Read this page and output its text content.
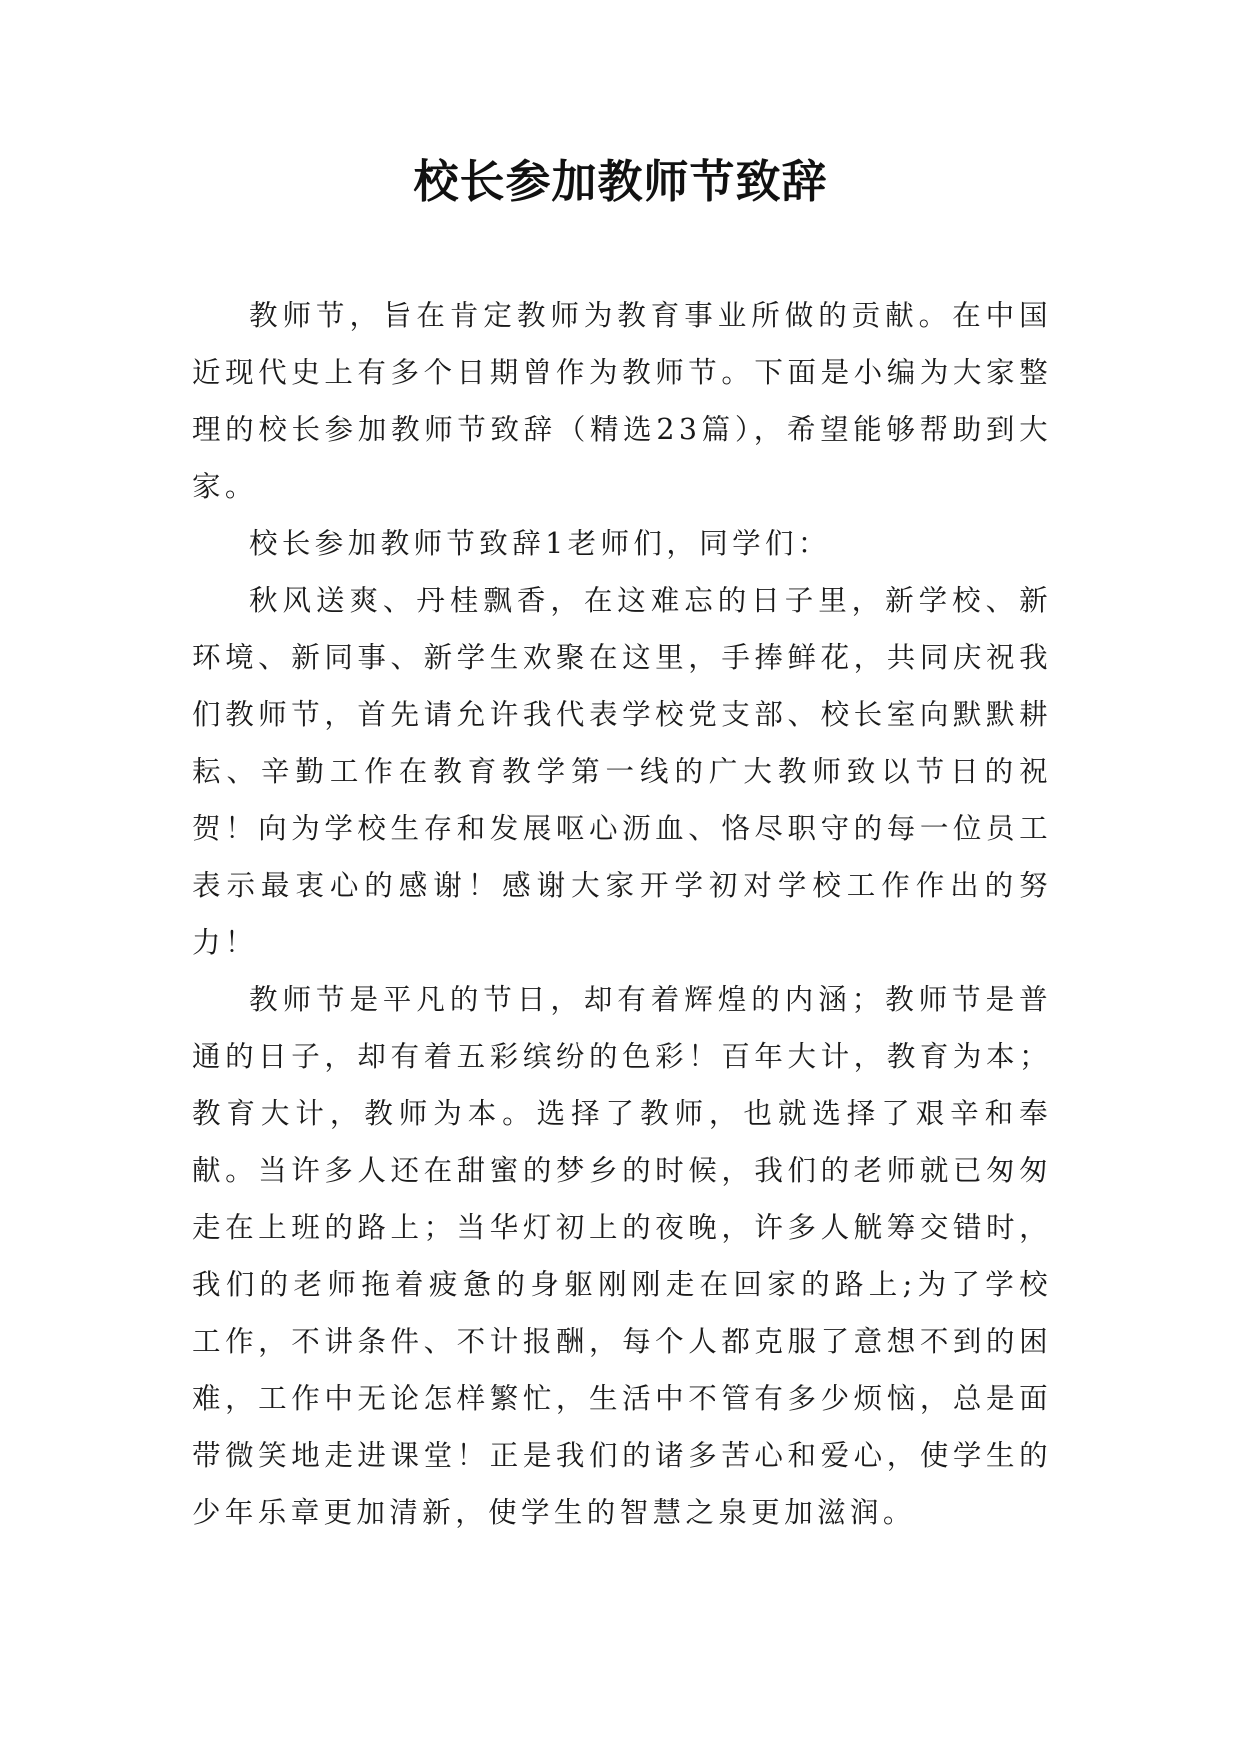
校长参加教师节致辞

教师节，旨在肯定教师为教育事业所做的贡献。在中国近现代史上有多个日期曾作为教师节。下面是小编为大家整理的校长参加教师节致辞（精选23篇），希望能够帮助到大家。

校长参加教师节致辞1老师们，同学们：

秋风送爽、丹桂飘香，在这难忘的日子里，新学校、新环境、新同事、新学生欢聚在这里，手捧鲜花，共同庆祝我们教师节，首先请允许我代表学校党支部、校长室向默默耕耘、辛勤工作在教育教学第一线的广大教师致以节日的祝贺！向为学校生存和发展呕心沥血、恪尽职守的每一位员工表示最衷心的感谢！感谢大家开学初对学校工作作出的努力！

教师节是平凡的节日，却有着辉煌的内涵；教师节是普通的日子，却有着五彩缤纷的色彩！百年大计，教育为本；教育大计，教师为本。选择了教师，也就选择了艰辛和奉献。当许多人还在甜蜜的梦乡的时候，我们的老师就已匆匆走在上班的路上；当华灯初上的夜晚，许多人觥筹交错时，我们的老师拖着疲惫的身躯刚刚走在回家的路上;为了学校工作，不讲条件、不计报酬，每个人都克服了意想不到的困难，工作中无论怎样繁忙，生活中不管有多少烦恼，总是面带微笑地走进课堂！正是我们的诸多苦心和爱心，使学生的少年乐章更加清新，使学生的智慧之泉更加滋润。
